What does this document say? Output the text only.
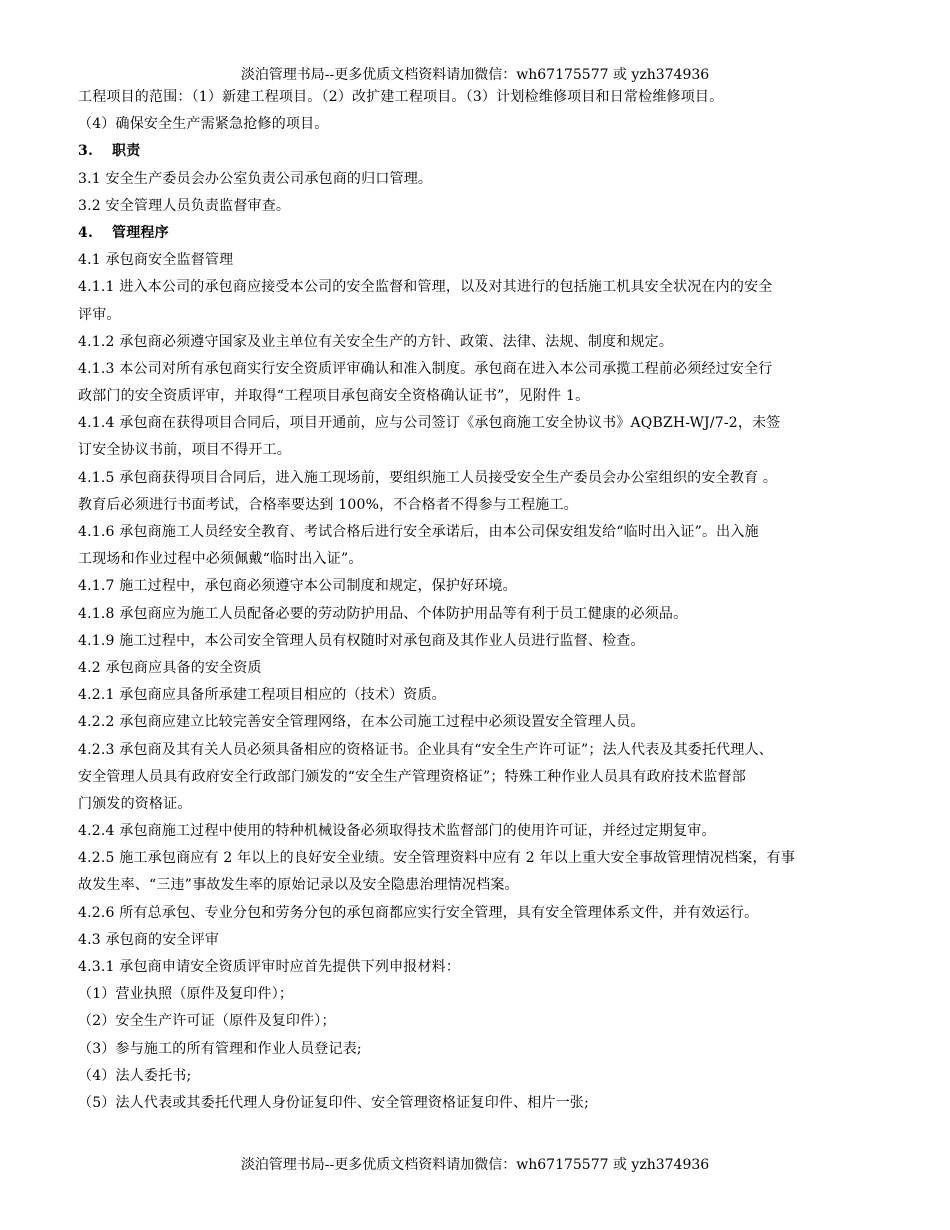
淡泊管理书局--更多优质文档资料请加微信：wh67175577 或 yzh374936
工程项目的范围：（1）新建工程项目。（2）改扩建工程项目。（3）计划检维修项目和日常检维修项目。
（4）确保安全生产需紧急抢修的项目。
3. 职责
3.1 安全生产委员会办公室负责公司承包商的归口管理。
3.2 安全管理人员负责监督审查。
4. 管理程序
4.1 承包商安全监督管理
4.1.1 进入本公司的承包商应接受本公司的安全监督和管理，以及对其进行的包括施工机具安全状况在内的安全
评审。
4.1.2 承包商必须遵守国家及业主单位有关安全生产的方针、政策、法律、法规、制度和规定。
4.1.3 本公司对所有承包商实行安全资质评审确认和准入制度。承包商在进入本公司承揽工程前必须经过安全行
政部门的安全资质评审，并取得“工程项目承包商安全资格确认证书”，见附件 1。
4.1.4 承包商在获得项目合同后，项目开通前，应与公司签订《承包商施工安全协议书》AQBZH-WJ/7-2，未签
订安全协议书前，项目不得开工。
4.1.5 承包商获得项目合同后，进入施工现场前，要组织施工人员接受安全生产委员会办公室组织的安全教育 。
教育后必须进行书面考试，合格率要达到 100%，不合格者不得参与工程施工。
4.1.6 承包商施工人员经安全教育、考试合格后进行安全承诺后，由本公司保安组发给“临时出入证”。出入施
工现场和作业过程中必须佩戴“临时出入证”。
4.1.7 施工过程中，承包商必须遵守本公司制度和规定，保护好环境。
4.1.8 承包商应为施工人员配备必要的劳动防护用品、个体防护用品等有利于员工健康的必须品。
4.1.9 施工过程中，本公司安全管理人员有权随时对承包商及其作业人员进行监督、检查。
4.2 承包商应具备的安全资质
4.2.1 承包商应具备所承建工程项目相应的（技术）资质。
4.2.2 承包商应建立比较完善安全管理网络，在本公司施工过程中必须设置安全管理人员。
4.2.3 承包商及其有关人员必须具备相应的资格证书。企业具有“安全生产许可证”；法人代表及其委托代理人、
安全管理人员具有政府安全行政部门颁发的“安全生产管理资格证”；特殊工种作业人员具有政府技术监督部
门颁发的资格证。
4.2.4 承包商施工过程中使用的特种机械设备必须取得技术监督部门的使用许可证，并经过定期复审。
4.2.5 施工承包商应有 2 年以上的良好安全业绩。安全管理资料中应有 2 年以上重大安全事故管理情况档案，有事
故发生率、“三违”事故发生率的原始记录以及安全隐患治理情况档案。
4.2.6 所有总承包、专业分包和劳务分包的承包商都应实行安全管理，具有安全管理体系文件，并有效运行。
4.3 承包商的安全评审
4.3.1 承包商申请安全资质评审时应首先提供下列申报材料：
（1）营业执照（原件及复印件）；
（2）安全生产许可证（原件及复印件）；
（3）参与施工的所有管理和作业人员登记表;
（4）法人委托书;
（5）法人代表或其委托代理人身份证复印件、安全管理资格证复印件、相片一张;
淡泊管理书局--更多优质文档资料请加微信：wh67175577 或 yzh374936
